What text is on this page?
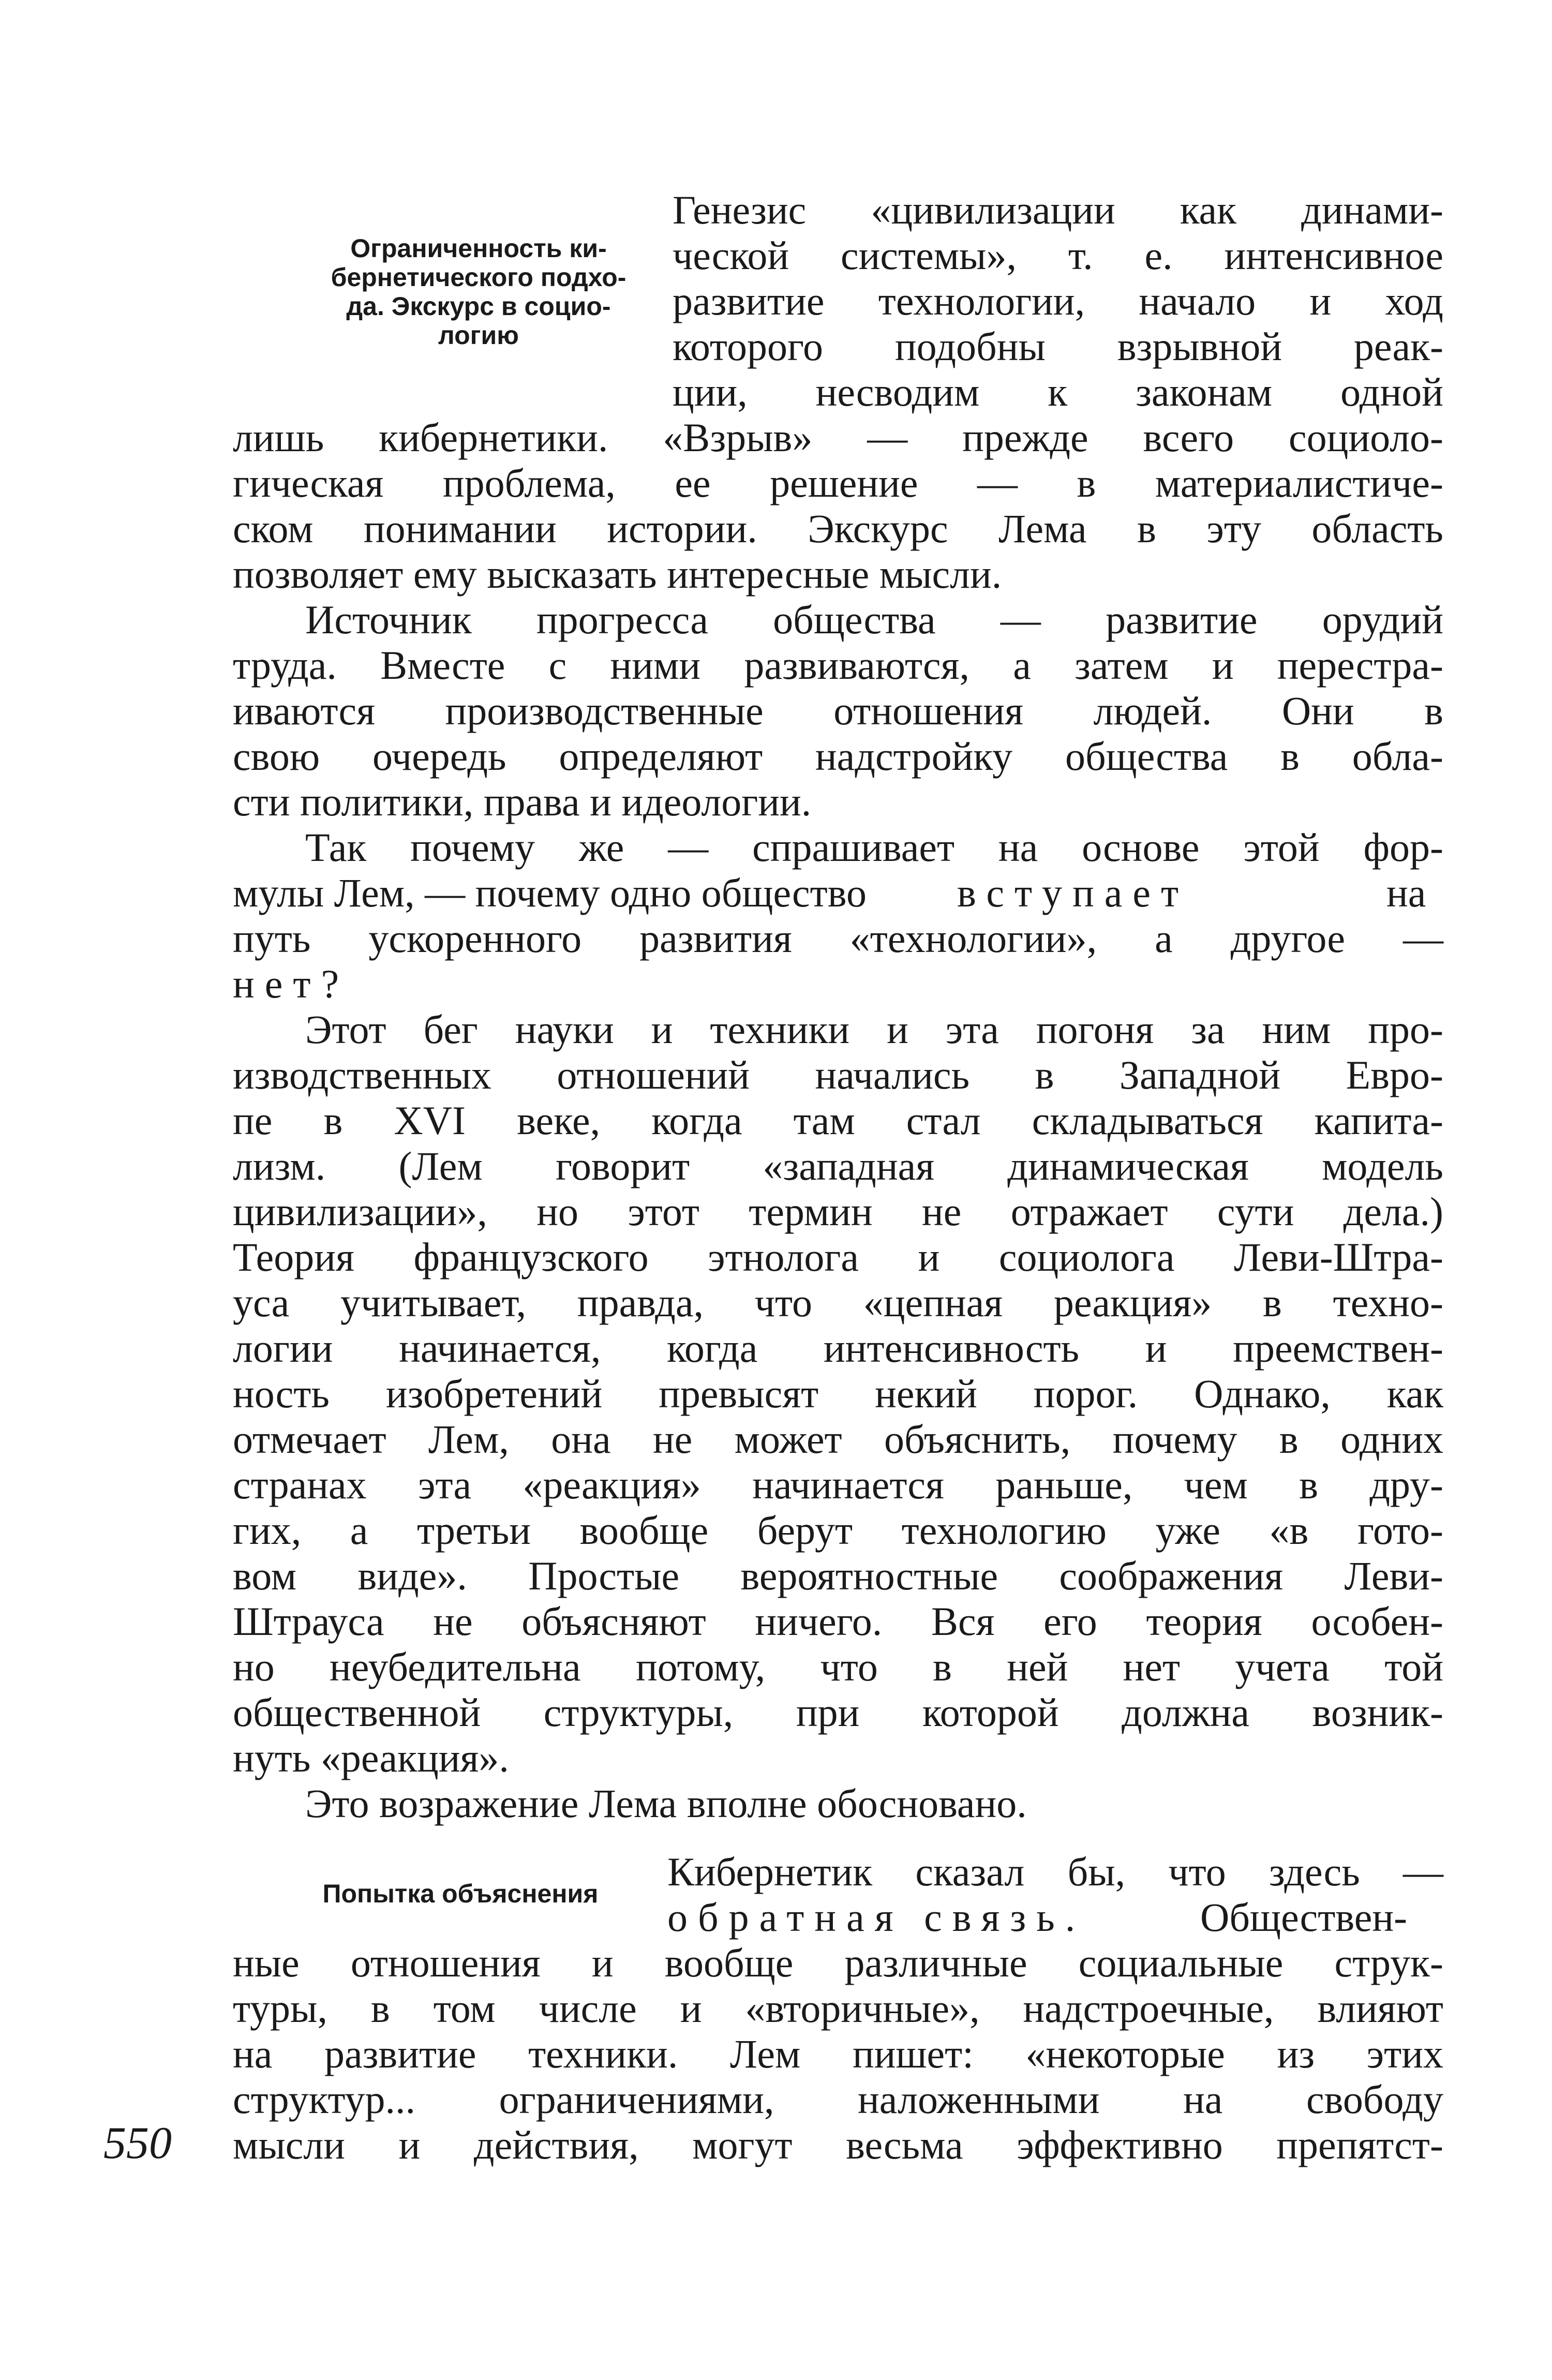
Ограниченность ки-
бернетического подхо-
да. Экскурс в социо-
логию
Попытка объяснения

Генезис «цивилизации как динами-

ческой системы», т. е. интенсивное

развитие технологии, начало и ход

которого подобны взрывной реак-

ции, несводим к законам одной

лишь кибернетики. «Взрыв» — прежде всего социоло-

гическая проблема, ее решение — в материалистиче-

ском понимании истории. Экскурс Лема в эту область

позволяет ему высказать интересные мысли.

Источник прогресса общества — развитие орудий

труда. Вместе с ними развиваются, а затем и перестра-

иваются производственные отношения людей. Они в

свою очередь определяют надстройку общества в обла-

сти политики, права и идеологии.

Так почему же — спрашивает на основе этой фор-

мулы Лем, — почему одно общество	вступает	на

путь ускоренного развития «технологии», а другое —

нет?

Этот бег науки и техники и эта погоня за ним про-

изводственных отношений начались в Западной Евро-

пе в XVI веке, когда там стал складываться капита-

лизм. (Лем говорит «западная динамическая модель

цивилизации», но этот термин не отражает сути дела.)

Теория французского этнолога и социолога Леви-Штра-

уса учитывает, правда, что «цепная реакция» в техно-

логии начинается, когда интенсивность и преемствен-

ность изобретений превысят некий порог. Однако, как

отмечает Лем, она не может объяснить, почему в одних

странах эта «реакция» начинается раньше, чем в дру-

гих, а третьи вообще берут технологию уже «в гото-

вом виде». Простые вероятностные соображения Леви-

Штрауса не объясняют ничего. Вся его теория особен-

но неубедительна потому, что в ней нет учета той

общественной структуры, при которой должна возник-

нуть «реакция».

Это возражение Лема вполне обосновано.

Кибернетик сказал бы, что здесь —

обратная связь.	Обществен-

ные отношения и вообще различные социальные струк-

туры, в том числе и «вторичные», надстроечные, влияют

на развитие техники. Лем пишет: «некоторые из этих

структур... ограничениями, наложенными на свободу

мысли и действия, могут весьма эффективно препятст-

550
